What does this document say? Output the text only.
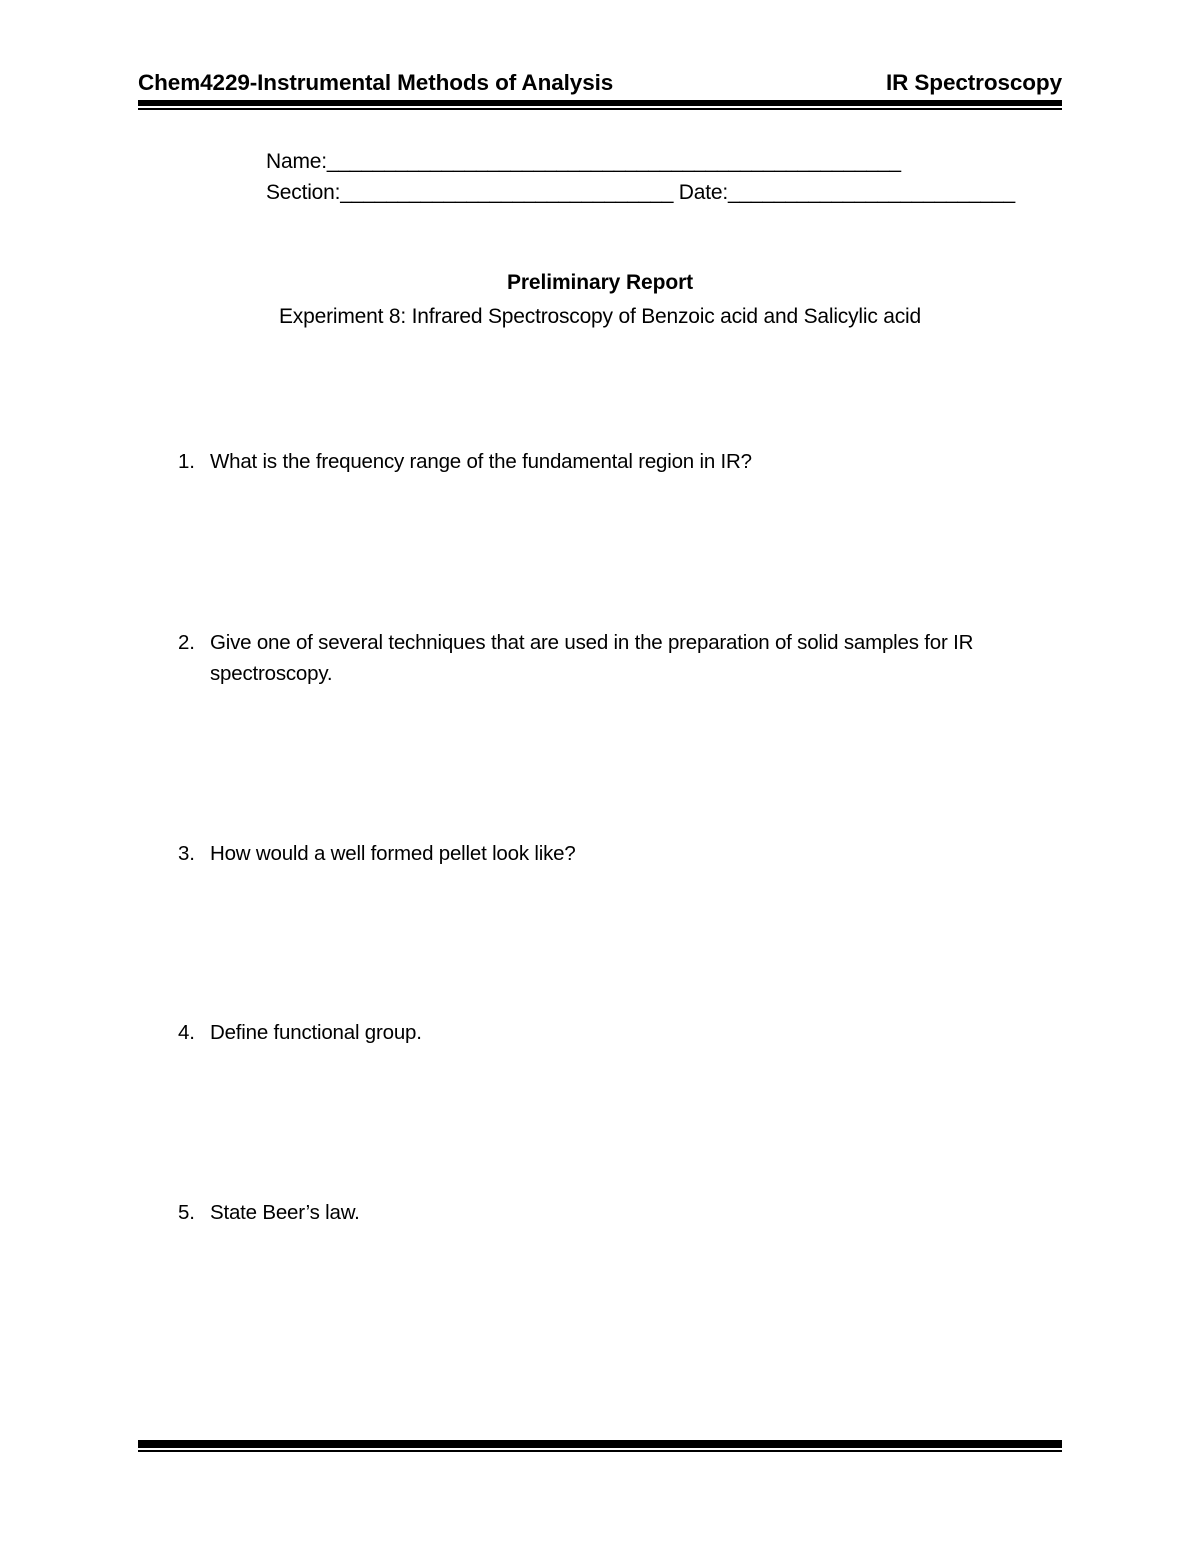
Chem4229-Instrumental Methods of Analysis	IR Spectroscopy
Name:__________________________________________________
Section:_____________________________ Date:_________________________
Preliminary Report
Experiment 8: Infrared Spectroscopy of Benzoic acid and Salicylic acid
1. What is the frequency range of the fundamental region in IR?
2. Give one of several techniques that are used in the preparation of solid samples for IR spectroscopy.
3. How would a well formed pellet look like?
4. Define functional group.
5. State Beer’s law.
